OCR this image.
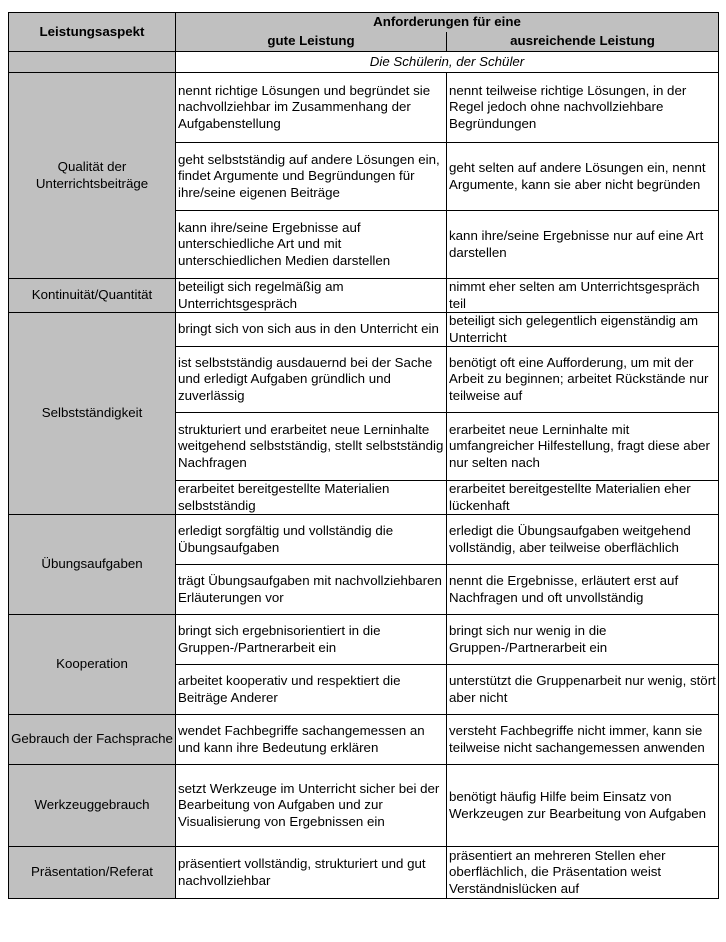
Leistungsaspekt	Anforderungen für eine	
	gute Leistung	ausreichende Leistung
	Die Schülerin, der Schüler	
Qualität der Unterrichtsbeiträge	nennt richtige Lösungen und begründet sie nachvollziehbar im Zusammenhang der Aufgabenstellung	nennt teilweise richtige Lösungen, in der Regel jedoch ohne nachvollziehbare Begründungen
	geht selbstständig auf andere Lösungen ein, findet Argumente und Begründungen für ihre/seine eigenen Beiträge	geht selten auf andere Lösungen ein, nennt Argumente, kann sie aber nicht begründen
	kann ihre/seine Ergebnisse auf unterschiedliche Art und mit unterschiedlichen Medien darstellen	kann ihre/seine Ergebnisse nur auf eine Art darstellen
Kontinuität/Quantität	beteiligt sich regelmäßig am Unterrichtsgespräch	nimmt eher selten am Unterrichtsgespräch teil
Selbstständigkeit	bringt sich von sich aus in den Unterricht ein	beteiligt sich gelegentlich eigenständig am Unterricht
	ist selbstständig ausdauernd bei der Sache und erledigt Aufgaben gründlich und zuverlässig	benötigt oft eine Aufforderung, um mit der Arbeit zu beginnen; arbeitet Rückstände nur teilweise auf
	strukturiert und erarbeitet neue Lerninhalte weitgehend selbstständig, stellt selbstständig Nachfragen	erarbeitet neue Lerninhalte mit umfangreicher Hilfestellung, fragt diese aber nur selten nach
	erarbeitet bereitgestellte Materialien selbstständig	erarbeitet bereitgestellte Materialien eher lückenhaft
Übungsaufgaben	erledigt sorgfältig und vollständig die Übungsaufgaben	erledigt die Übungsaufgaben weitgehend vollständig, aber teilweise oberflächlich
	trägt Übungsaufgaben mit nachvollziehbaren Erläuterungen vor	nennt die Ergebnisse, erläutert erst auf Nachfragen und oft unvollständig
Kooperation	bringt sich ergebnisorientiert in die Gruppen-/Partnerarbeit ein	bringt sich nur wenig in die Gruppen-/Partnerarbeit ein
	arbeitet kooperativ und respektiert die Beiträge Anderer	unterstützt die Gruppenarbeit nur wenig, stört aber nicht
Gebrauch der Fachsprache	wendet Fachbegriffe sachangemessen an und kann ihre Bedeutung erklären	versteht Fachbegriffe nicht immer, kann sie teilweise nicht sachangemessen anwenden
Werkzeuggebrauch	setzt Werkzeuge im Unterricht sicher bei der Bearbeitung von Aufgaben und zur Visualisierung von Ergebnissen ein	benötigt häufig Hilfe beim Einsatz von Werkzeugen zur Bearbeitung von Aufgaben
Präsentation/Referat	präsentiert vollständig, strukturiert und gut nachvollziehbar	präsentiert an mehreren Stellen eher oberflächlich, die Präsentation weist Verständnislücken auf
